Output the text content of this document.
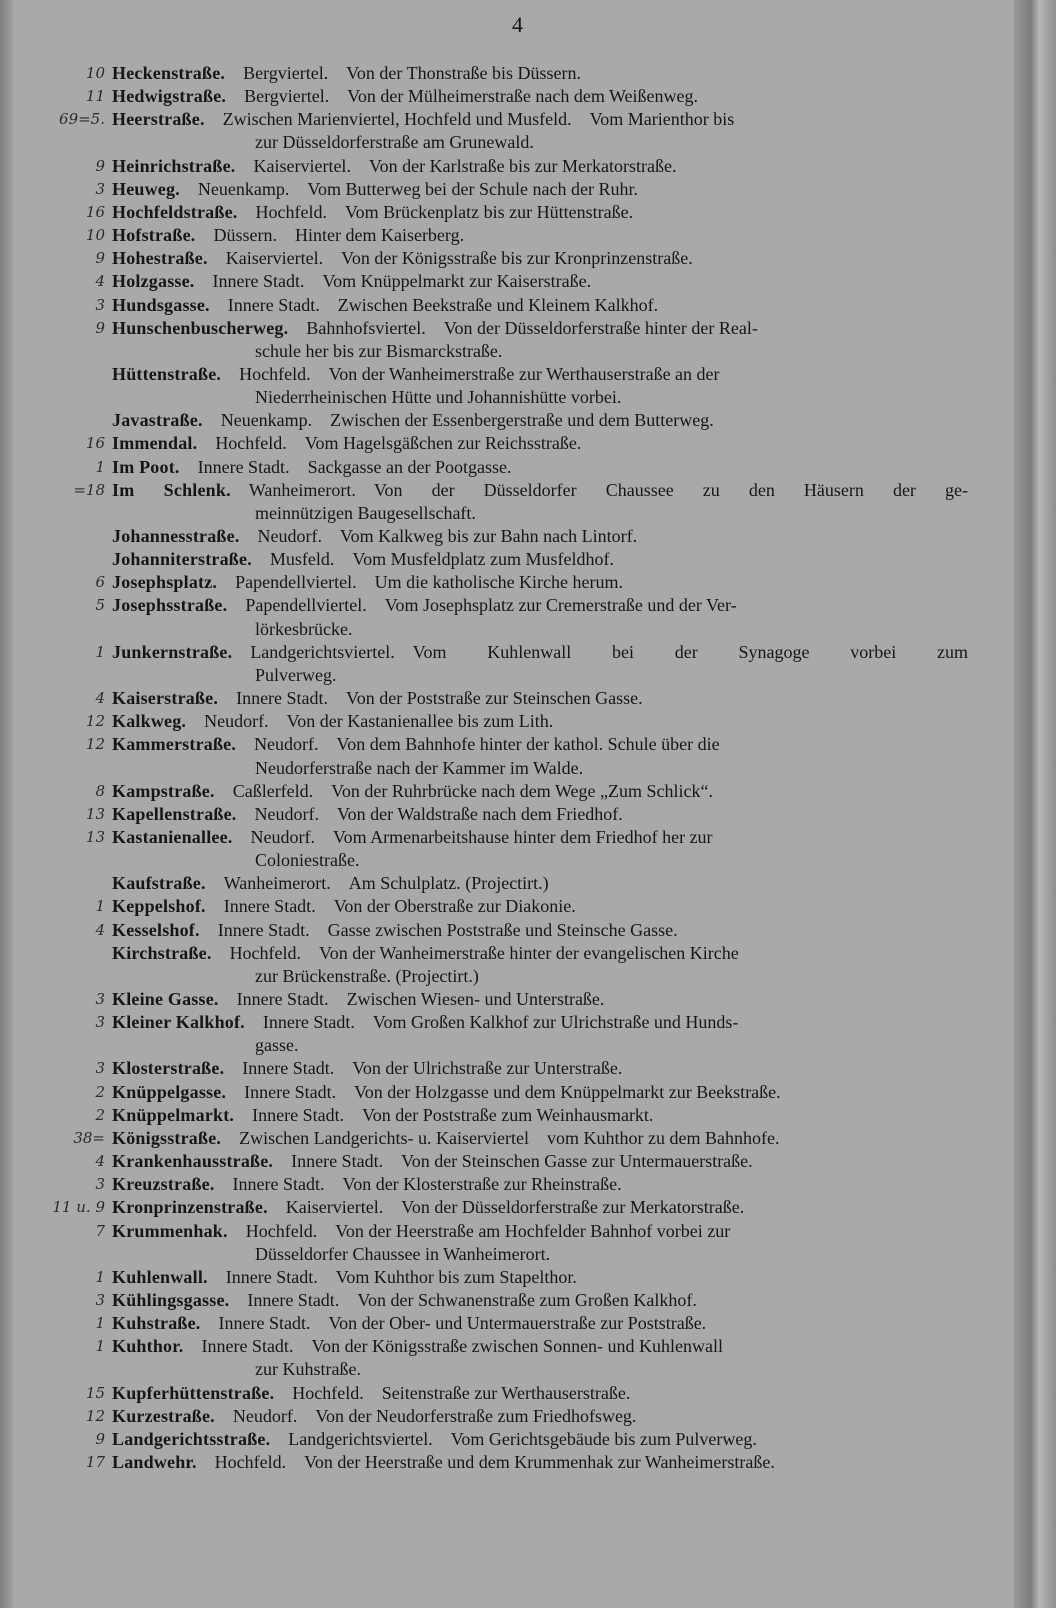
4
10 Heckenstraße.  Bergviertel.  Von der Thonstraße bis Düssern.
11 Hedwigstraße.  Bergviertel.  Von der Mülheimerstraße nach dem Weißenweg.
69=5. Heerstraße.  Zwischen Marienviertel, Hochfeld und Musfeld.  Vom Marienthor bis
zur Düsseldorferstraße am Grunewald.
9 Heinrichstraße.  Kaiserviertel.  Von der Karlstraße bis zur Merkatorstraße.
3 Heuweg.  Neuenkamp.  Vom Butterweg bei der Schule nach der Ruhr.
16 Hochfeldstraße.  Hochfeld.  Vom Brückenplatz bis zur Hüttenstraße.
10 Hofstraße.  Düssern.  Hinter dem Kaiserberg.
9 Hohestraße.  Kaiserviertel.  Von der Königsstraße bis zur Kronprinzenstraße.
4 Holzgasse.  Innere Stadt.  Vom Knüppelmarkt zur Kaiserstraße.
3 Hundsgasse.  Innere Stadt.  Zwischen Beekstraße und Kleinem Kalkhof.
9 Hunschenbuscherweg.  Bahnhofsviertel.  Von der Düsseldorferstraße hinter der Real-
schule her bis zur Bismarckstraße.
Hüttenstraße.  Hochfeld.  Von der Wanheimerstraße zur Werthauserstraße an der
Niederrheinischen Hütte und Johannishütte vorbei.
Javastraße.  Neuenkamp.  Zwischen der Essenbergerstraße und dem Butterweg.
16 Immendal.  Hochfeld.  Vom Hagelsgäßchen zur Reichsstraße.
1 Im Poot.  Innere Stadt.  Sackgasse an der Pootgasse.
=18 Im Schlenk.  Wanheimerort.  Von der Düsseldorfer Chaussee zu den Häusern der ge-
meinnützigen Baugesellschaft.
Johannesstraße.  Neudorf.  Vom Kalkweg bis zur Bahn nach Lintorf.
Johanniterstraße.  Musfeld.  Vom Musfeldplatz zum Musfeldhof.
6 Josephsplatz.  Papendellviertel.  Um die katholische Kirche herum.
5 Josephsstraße.  Papendellviertel.  Vom Josephsplatz zur Cremerstraße und der Ver-
lörkesbrücke.
1 Junkernstraße.  Landgerichtsviertel.  Vom Kuhlenwall bei der Synagoge vorbei zum
Pulverweg.
4 Kaiserstraße.  Innere Stadt.  Von der Poststraße zur Steinschen Gasse.
12 Kalkweg.  Neudorf.  Von der Kastanienallee bis zum Lith.
12 Kammerstraße.  Neudorf.  Von dem Bahnhofe hinter der kathol. Schule über die
Neudorferstraße nach der Kammer im Walde.
8 Kampstraße.  Caßlerfeld.  Von der Ruhrbrücke nach dem Wege „Zum Schlick“.
13 Kapellenstraße.  Neudorf.  Von der Waldstraße nach dem Friedhof.
13 Kastanienallee.  Neudorf.  Vom Armenarbeitshause hinter dem Friedhof her zur
Coloniestraße.
Kaufstraße.  Wanheimerort.  Am Schulplatz. (Projectirt.)
1 Keppelshof.  Innere Stadt.  Von der Oberstraße zur Diakonie.
4 Kesselshof.  Innere Stadt.  Gasse zwischen Poststraße und Steinsche Gasse.
Kirchstraße.  Hochfeld.  Von der Wanheimerstraße hinter der evangelischen Kirche
zur Brückenstraße. (Projectirt.)
3 Kleine Gasse.  Innere Stadt.  Zwischen Wiesen- und Unterstraße.
3 Kleiner Kalkhof.  Innere Stadt.  Vom Großen Kalkhof zur Ulrichstraße und Hunds-
gasse.
3 Klosterstraße.  Innere Stadt.  Von der Ulrichstraße zur Unterstraße.
2 Knüppelgasse.  Innere Stadt.  Von der Holzgasse und dem Knüppelmarkt zur Beekstraße.
2 Knüppelmarkt.  Innere Stadt.  Von der Poststraße zum Weinhausmarkt.
38= Königsstraße.  Zwischen Landgerichts- u. Kaiserviertel  vom Kuhthor zu dem Bahnhofe.
4 Krankenhausstraße.  Innere Stadt.  Von der Steinschen Gasse zur Untermauerstraße.
3 Kreuzstraße.  Innere Stadt.  Von der Klosterstraße zur Rheinstraße.
11 u. 9 Kronprinzenstraße.  Kaiserviertel.  Von der Düsseldorferstraße zur Merkatorstraße.
7 Krummenhak.  Hochfeld.  Von der Heerstraße am Hochfelder Bahnhof vorbei zur
Düsseldorfer Chaussee in Wanheimerort.
1 Kuhlenwall.  Innere Stadt.  Vom Kuhthor bis zum Stapelthor.
3 Kühlingsgasse.  Innere Stadt.  Von der Schwanenstraße zum Großen Kalkhof.
1 Kuhstraße.  Innere Stadt.  Von der Ober- und Untermauerstraße zur Poststraße.
1 Kuhthor.  Innere Stadt.  Von der Königsstraße zwischen Sonnen- und Kuhlenwall
zur Kuhstraße.
15 Kupferhüttenstraße.  Hochfeld.  Seitenstraße zur Werthauserstraße.
12 Kurzestraße.  Neudorf.  Von der Neudorferstraße zum Friedhofsweg.
9 Landgerichtsstraße.  Landgerichtsviertel.  Vom Gerichtsgebäude bis zum Pulverweg.
17 Landwehr.  Hochfeld.  Von der Heerstraße und dem Krummenhak zur Wanheimerstraße.
